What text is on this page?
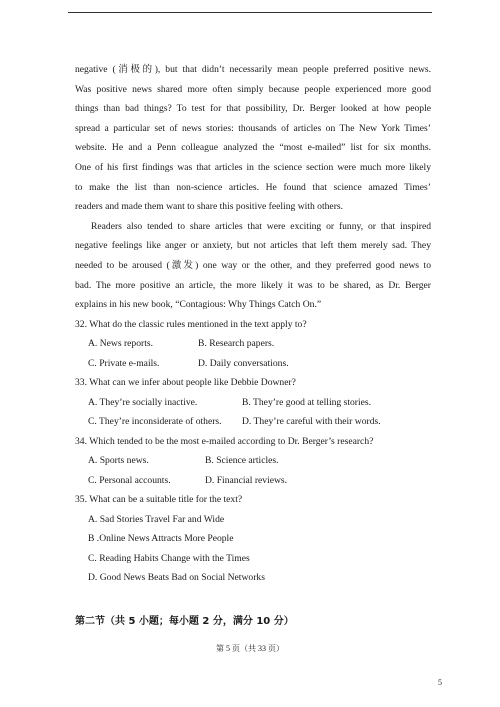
negative (消极的), but that didn’t necessarily mean people preferred positive news.
Was positive news shared more often simply because people experienced more good
things than bad things? To test for that possibility, Dr. Berger looked at how people
spread a particular set of news stories: thousands of articles on The New York Times’
website. He and a Penn colleague analyzed the “most e-mailed” list for six months.
One of his first findings was that articles in the science section were much more likely
to make the list than non-science articles. He found that science amazed Times’
readers and made them want to share this positive feeling with others.
Readers also tended to share articles that were exciting or funny, or that inspired
negative feelings like anger or anxiety, but not articles that left them merely sad. They
needed to be aroused (激发) one way or the other, and they preferred good news to
bad. The more positive an article, the more likely it was to be shared, as Dr. Berger
explains in his new book, “Contagious: Why Things Catch On.”

32. What do the classic rules mentioned in the text apply to?

A. News reports.	B. Research papers.
C. Private e-mails.	D. Daily conversations.

33. What can we infer about people like Debbie Downer?

A. They’re socially inactive.	B. They’re good at telling stories.
C. They’re inconsiderate of others.	D. They’re careful with their words.

34. Which tended to be the most e-mailed according to Dr. Berger’s research?

A. Sports news.	B. Science articles.
C. Personal accounts.	D. Financial reviews.

35. What can be a suitable title for the text?

A. Sad Stories Travel Far and Wide

B .Online News Attracts More People

C. Reading Habits Change with the Times

D. Good News Beats Bad on Social Networks

第二节（共 5 小题；每小题 2 分，满分 10 分）
第 5 页（共 33 页）
5
